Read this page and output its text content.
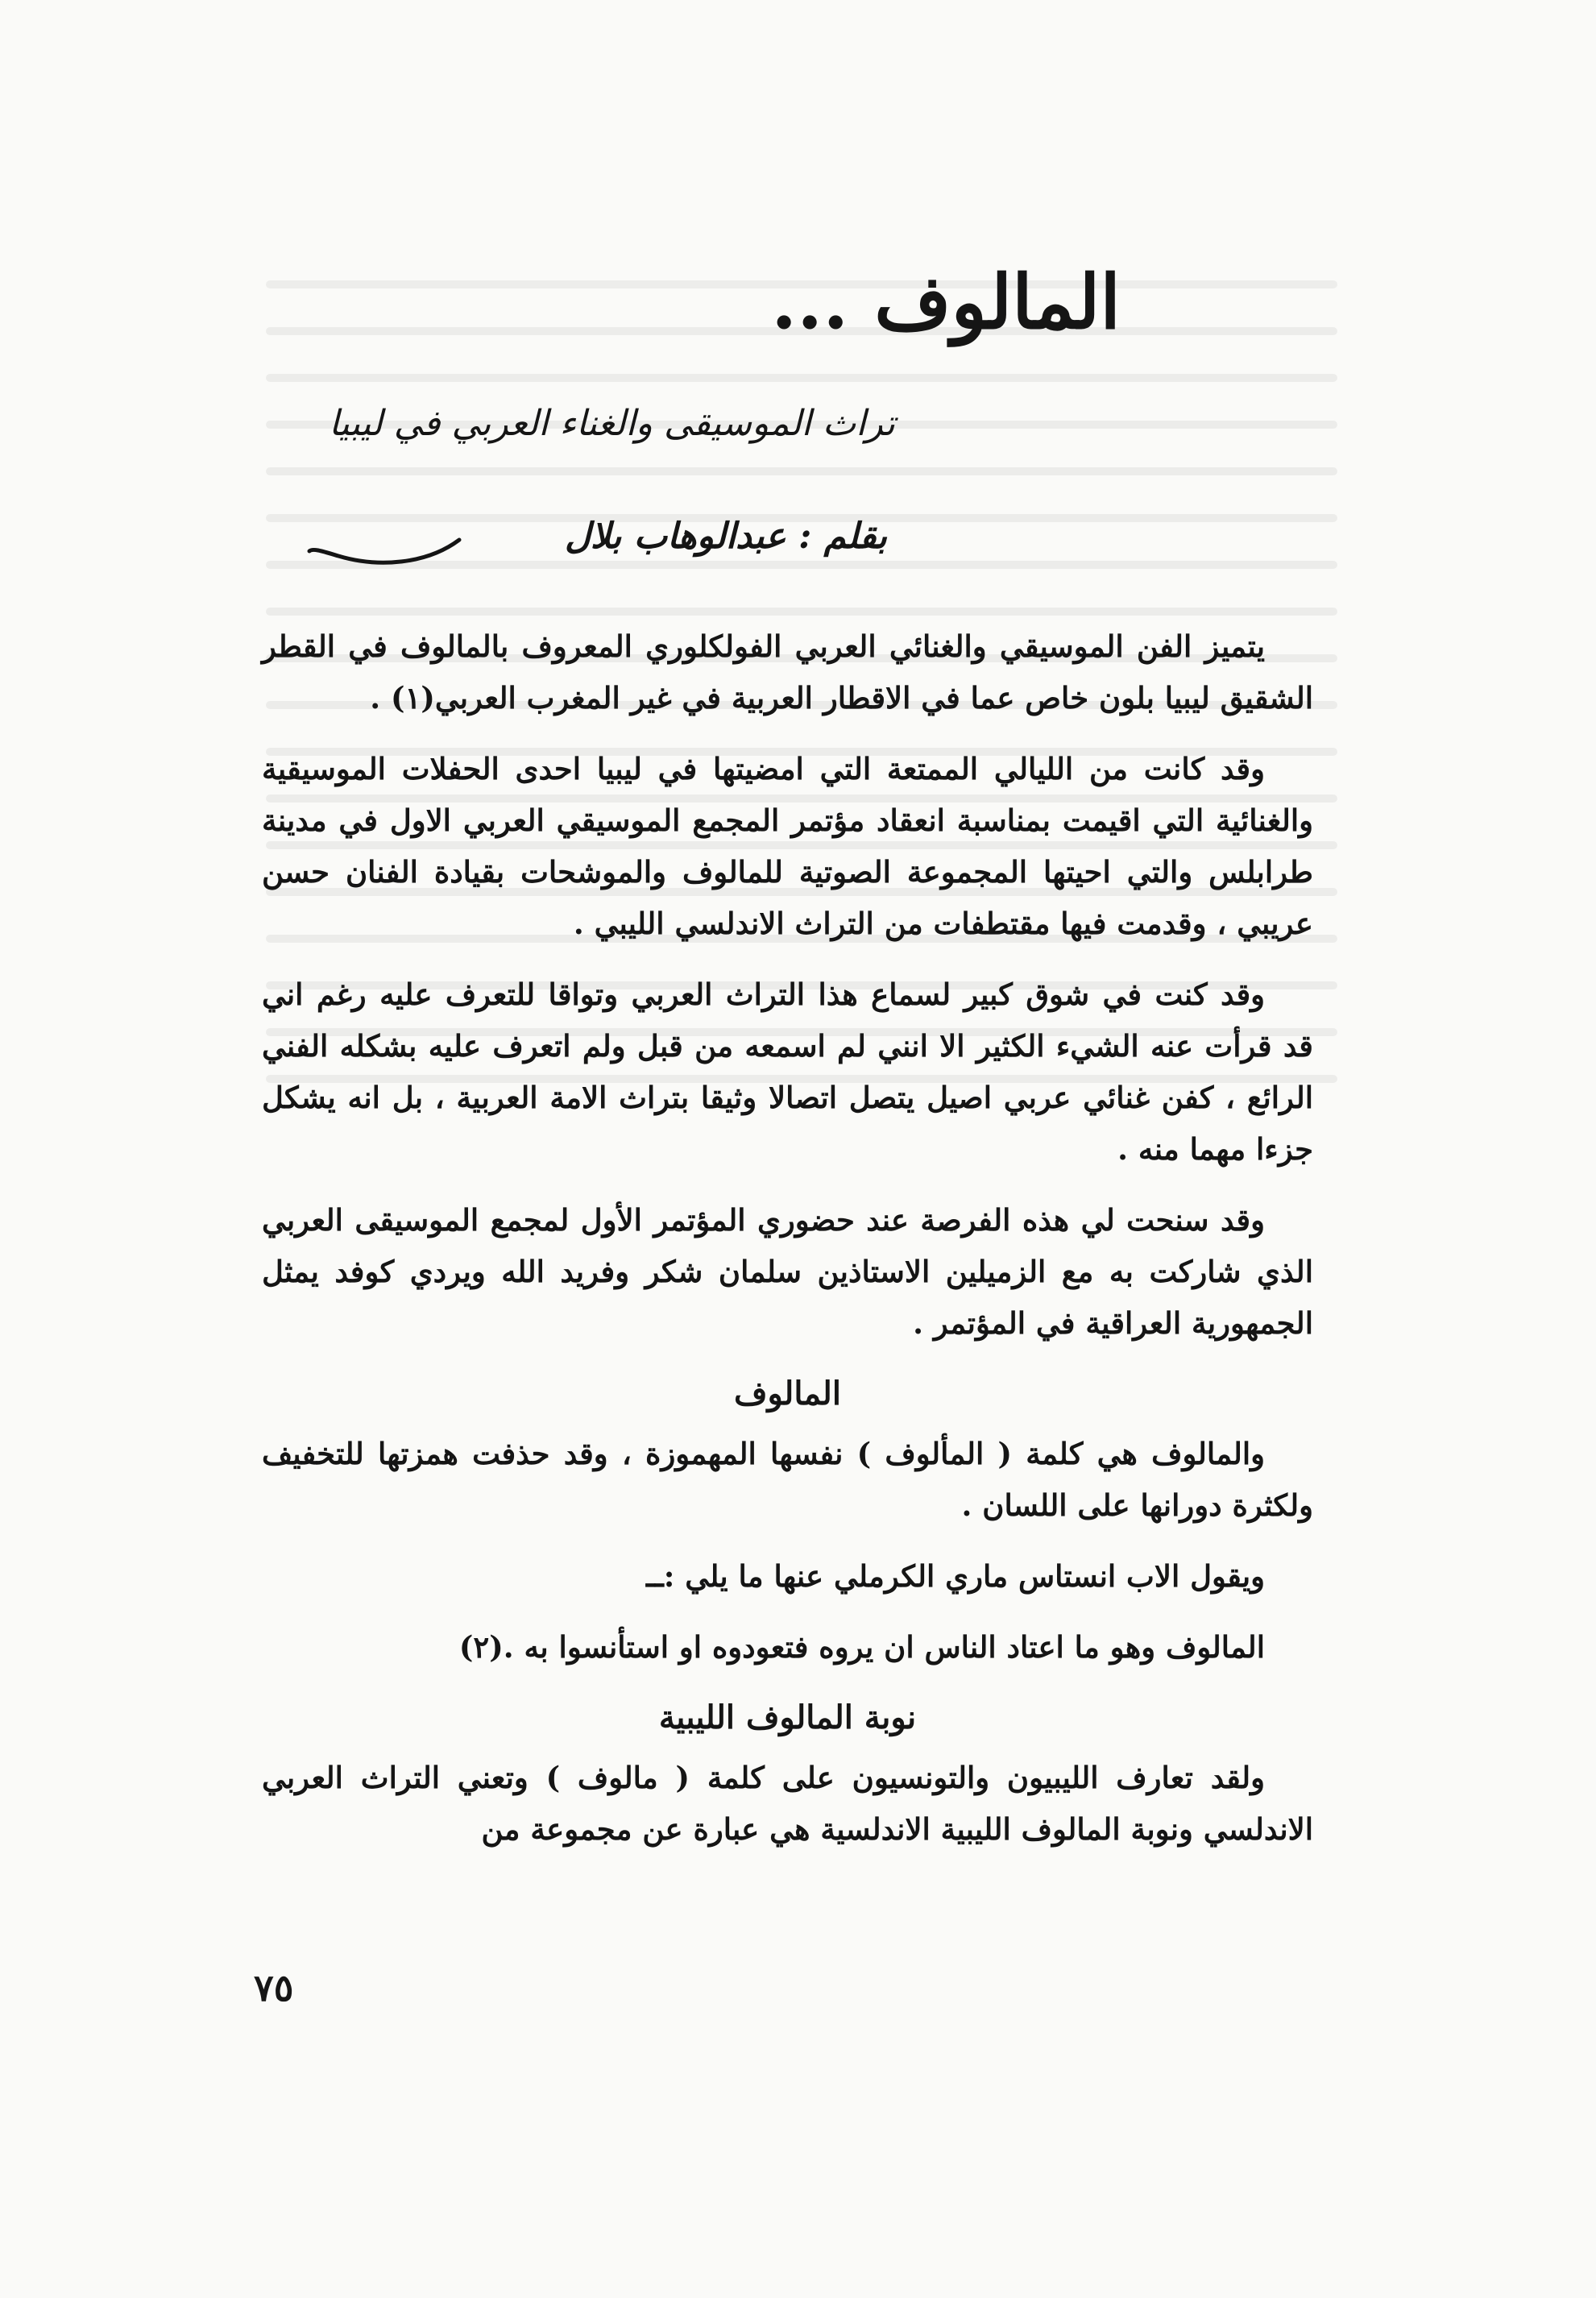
المالوف ...
تراث الموسيقى والغناء العربي في ليبيا
بقلم : عبدالوهاب بلال

يتميز الفن الموسيقي والغنائي العربي الفولكلوري المعروف بالمالوف في القطر الشقيق ليبيا بلون خاص عما في الاقطار العربية في غير المغرب العربي(١) .

وقد كانت من الليالي الممتعة التي امضيتها في ليبيا احدى الحفلات الموسيقية والغنائية التي اقيمت بمناسبة انعقاد مؤتمر المجمع الموسيقي العربي الاول في مدينة طرابلس والتي احيتها المجموعة الصوتية للمالوف والموشحات بقيادة الفنان حسن عريبي ، وقدمت فيها مقتطفات من التراث الاندلسي الليبي .

وقد كنت في شوق كبير لسماع هذا التراث العربي وتواقا للتعرف عليه رغم اني قد قرأت عنه الشيء الكثير الا انني لم اسمعه من قبل ولم اتعرف عليه بشكله الفني الرائع ، كفن غنائي عربي اصيل يتصل اتصالا وثيقا بتراث الامة العربية ، بل انه يشكل جزءا مهما منه .

وقد سنحت لي هذه الفرصة عند حضوري المؤتمر الأول لمجمع الموسيقى العربي الذي شاركت به مع الزميلين الاستاذين سلمان شكر وفريد الله ويردي كوفد يمثل الجمهورية العراقية في المؤتمر .

المالوف

والمالوف هي كلمة ( المألوف ) نفسها المهموزة ، وقد حذفت همزتها للتخفيف ولكثرة دورانها على اللسان .

ويقول الاب انستاس ماري الكرملي عنها ما يلي :ــ

المالوف وهو ما اعتاد الناس ان يروه فتعودوه او استأنسوا به .(٢)

نوبة المالوف الليبية

ولقد تعارف الليبيون والتونسيون على كلمة ( مالوف ) وتعني التراث العربي الاندلسي ونوبة المالوف الليبية الاندلسية هي عبارة عن مجموعة من

٧٥
